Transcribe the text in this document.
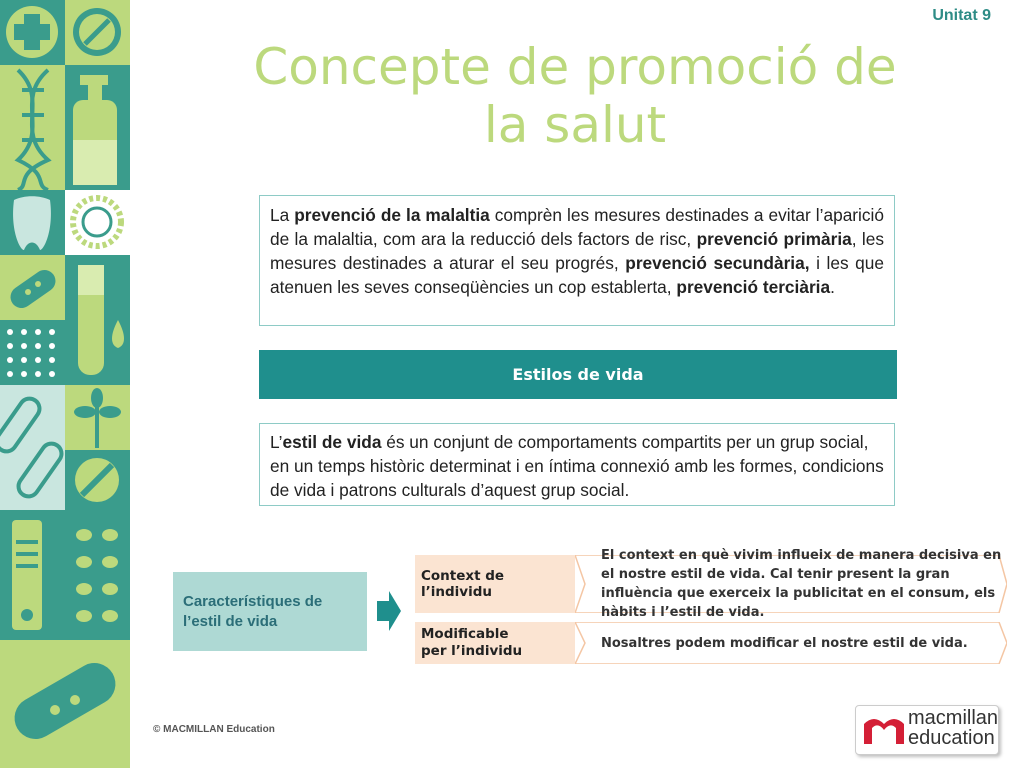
Unitat 9
Concepte de promoció de
la salut
La prevenció de la malaltia comprèn les mesures destinades a evitar l’aparició de la malaltia, com ara la reducció dels factors de risc, prevenció primària, les mesures destinades a aturar el seu progrés, prevenció secundària, i les que atenuen les seves conseqüències un cop establerta, prevenció terciària.
Estilos de vida
L’estil de vida és un conjunt de comportaments compartits per un grup social, en un temps històric determinat i en íntima connexió amb les formes, condicions de vida i patrons culturals d’aquest grup social.
Característiques de
l’estil de vida
Context de l’individu
El context en què vivim influeix de manera decisiva en el nostre estil de vida. Cal tenir present la gran influència que exerceix la publicitat en el consum, els hàbits i l’estil de vida.
Modificable
per l’individu	Nosaltres podem modificar el nostre estil de vida.
© MACMILLAN Education
macmillan
education
